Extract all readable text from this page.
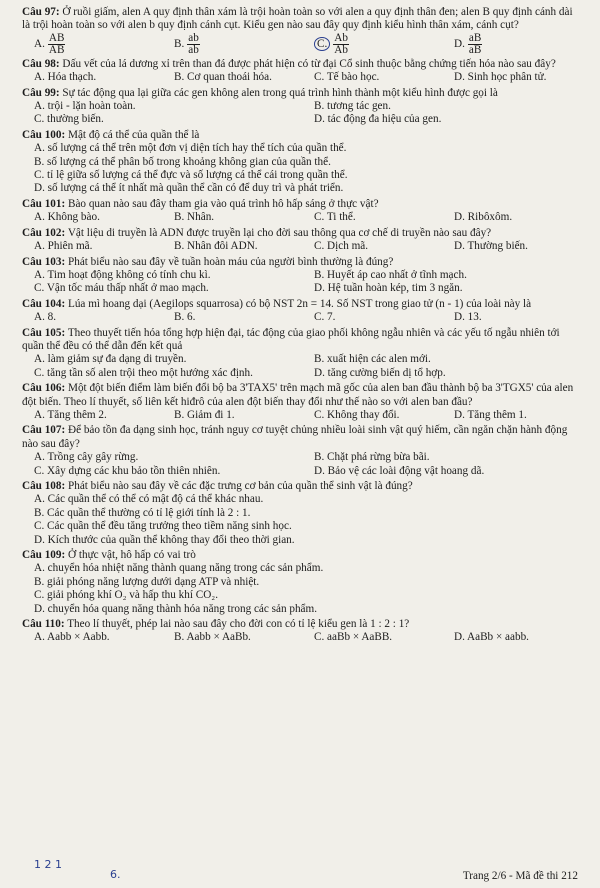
Câu 97: Ở ruồi giấm, alen A quy định thân xám là trội hoàn toàn so với alen a quy định thân đen; alen B quy định cánh dài là trội hoàn toàn so với alen b quy định cánh cụt. Kiểu gen nào sau đây quy định kiểu hình thân xám, cánh cụt?
A. $\frac{AB}{AB}$	B. $\frac{ab}{ab}$	C. $\frac{Ab}{Ab}$	D. $\frac{aB}{aB}$
Câu 98: Dấu vết của lá dương xỉ trên than đá được phát hiện có từ đại Cổ sinh thuộc bằng chứng tiến hóa nào sau đây?
A. Hóa thạch.	B. Cơ quan thoái hóa.	C. Tế bào học.	D. Sinh học phân tử.
Câu 99: Sự tác động qua lại giữa các gen không alen trong quá trình hình thành một kiểu hình được gọi là
A. trội - lặn hoàn toàn.	B. tương tác gen.
C. thường biến.	D. tác động đa hiệu của gen.
Câu 100: Mật độ cá thể của quần thể là
A. số lượng cá thể trên một đơn vị diện tích hay thể tích của quần thể.
B. số lượng cá thể phân bố trong khoảng không gian của quần thể.
C. tỉ lệ giữa số lượng cá thể đực và số lượng cá thể cái trong quần thể.
D. số lượng cá thể ít nhất mà quần thể cần có để duy trì và phát triển.
Câu 101: Bào quan nào sau đây tham gia vào quá trình hô hấp sáng ở thực vật?
A. Không bào.	B. Nhân.	C. Ti thể.	D. Ribôxôm.
Câu 102: Vật liệu di truyền là ADN được truyền lại cho đời sau thông qua cơ chế di truyền nào sau đây?
A. Phiên mã.	B. Nhân đôi ADN.	C. Dịch mã.	D. Thường biến.
Câu 103: Phát biểu nào sau đây về tuần hoàn máu của người bình thường là đúng?
A. Tim hoạt động không có tính chu kì.	B. Huyết áp cao nhất ở tĩnh mạch.
C. Vận tốc máu thấp nhất ở mao mạch.	D. Hệ tuần hoàn kép, tim 3 ngăn.
Câu 104: Lúa mì hoang dại (Aegilops squarrosa) có bộ NST 2n = 14. Số NST trong giao tử (n - 1) của loài này là
A. 8.	B. 6.	C. 7.	D. 13.
Câu 105: Theo thuyết tiến hóa tổng hợp hiện đại, tác động của giao phối không ngẫu nhiên và các yếu tố ngẫu nhiên tới quần thể đều có thể dẫn đến kết quả
A. làm giảm sự đa dạng di truyền.	B. xuất hiện các alen mới.
C. tăng tần số alen trội theo một hướng xác định.	D. tăng cường biến dị tổ hợp.
Câu 106: Một đột biến điểm làm biến đổi bộ ba 3'TAX5' trên mạch mã gốc của alen ban đầu thành bộ ba 3'TGX5' của alen đột biến. Theo lí thuyết, số liên kết hiđrô của alen đột biến thay đổi như thế nào so với alen ban đầu?
A. Tăng thêm 2.	B. Giảm đi 1.	C. Không thay đổi.	D. Tăng thêm 1.
Câu 107: Để bảo tồn đa dạng sinh học, tránh nguy cơ tuyệt chủng nhiều loài sinh vật quý hiếm, cần ngăn chặn hành động nào sau đây?
A. Trồng cây gây rừng.	B. Chặt phá rừng bừa bãi.
C. Xây dựng các khu bảo tồn thiên nhiên.	D. Bảo vệ các loài động vật hoang dã.
Câu 108: Phát biểu nào sau đây về các đặc trưng cơ bản của quần thể sinh vật là đúng?
A. Các quần thể có thể có mật độ cá thể khác nhau.
B. Các quần thể thường có tỉ lệ giới tính là 2 : 1.
C. Các quần thể đều tăng trưởng theo tiềm năng sinh học.
D. Kích thước của quần thể không thay đổi theo thời gian.
Câu 109: Ở thực vật, hô hấp có vai trò
A. chuyển hóa nhiệt năng thành quang năng trong các sản phẩm.
B. giải phóng năng lượng dưới dạng ATP và nhiệt.
C. giải phóng khí O₂ và hấp thu khí CO₂.
D. chuyển hóa quang năng thành hóa năng trong các sản phẩm.
Câu 110: Theo lí thuyết, phép lai nào sau đây cho đời con có tỉ lệ kiểu gen là 1 : 2 : 1?
A. Aabb × Aabb.	B. Aabb × AaBb.	C. aaBb × AaBB.	D. AaBb × aabb.
1 2 1
6.	Trang 2/6 - Mã đề thi 212
